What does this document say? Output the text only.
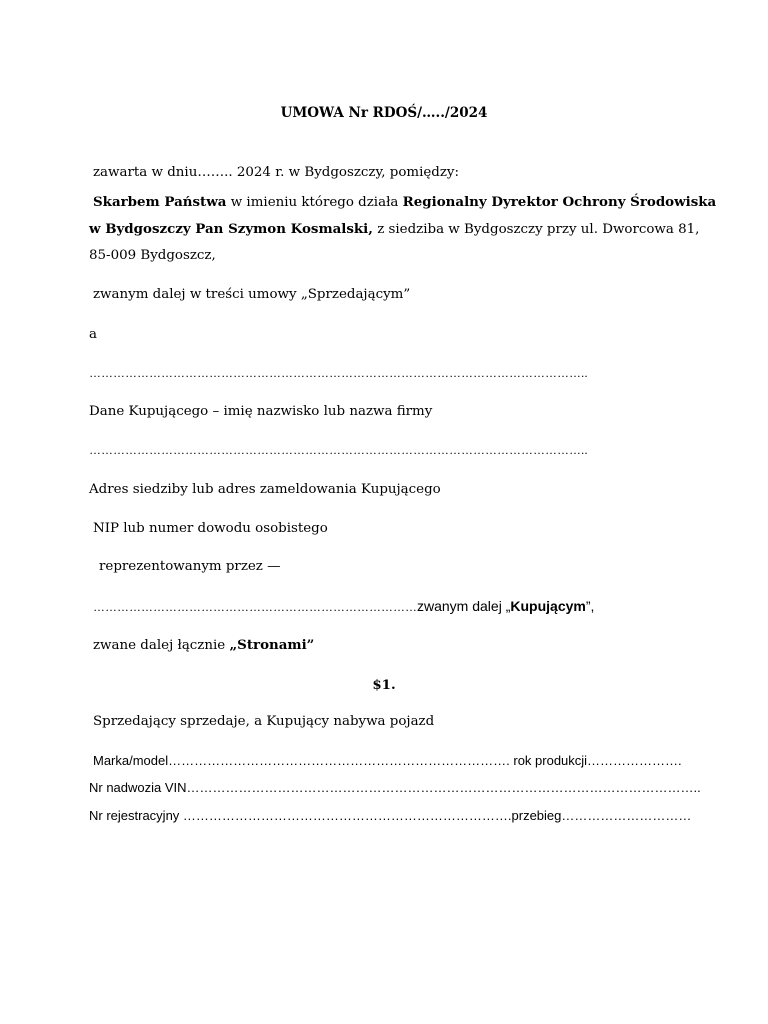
UMOWA Nr RDOŚ/…../2024
zawarta w dniu…….. 2024 r. w Bydgoszczy, pomiędzy:
Skarbem Państwa w imieniu którego działa Regionalny Dyrektor Ochrony Środowiska
w Bydgoszczy Pan Szymon Kosmalski, z siedziba w Bydgoszczy przy ul. Dworcowa 81,
85-009 Bydgoszcz,
zwanym dalej w treści umowy „Sprzedającym”
a
……………………………………………………………………………………………………………..
Dane Kupującego – imię nazwisko lub nazwa firmy
……………………………………………………………………………………………………………..
Adres siedziby lub adres zameldowania Kupującego
NIP lub numer dowodu osobistego
reprezentowanym przez —
………………………………………………………………………zwanym dalej „Kupującym”,
zwane dalej łącznie „Stronami”
$1.
Sprzedający sprzedaje, a Kupujący nabywa pojazd
Marka/model……………………………………………………………………. rok produkcji………………….
Nr nadwozia VIN………………………………………………………………………………………………………..
Nr rejestracyjny ………………………………………………………………….przebieg…………………………
